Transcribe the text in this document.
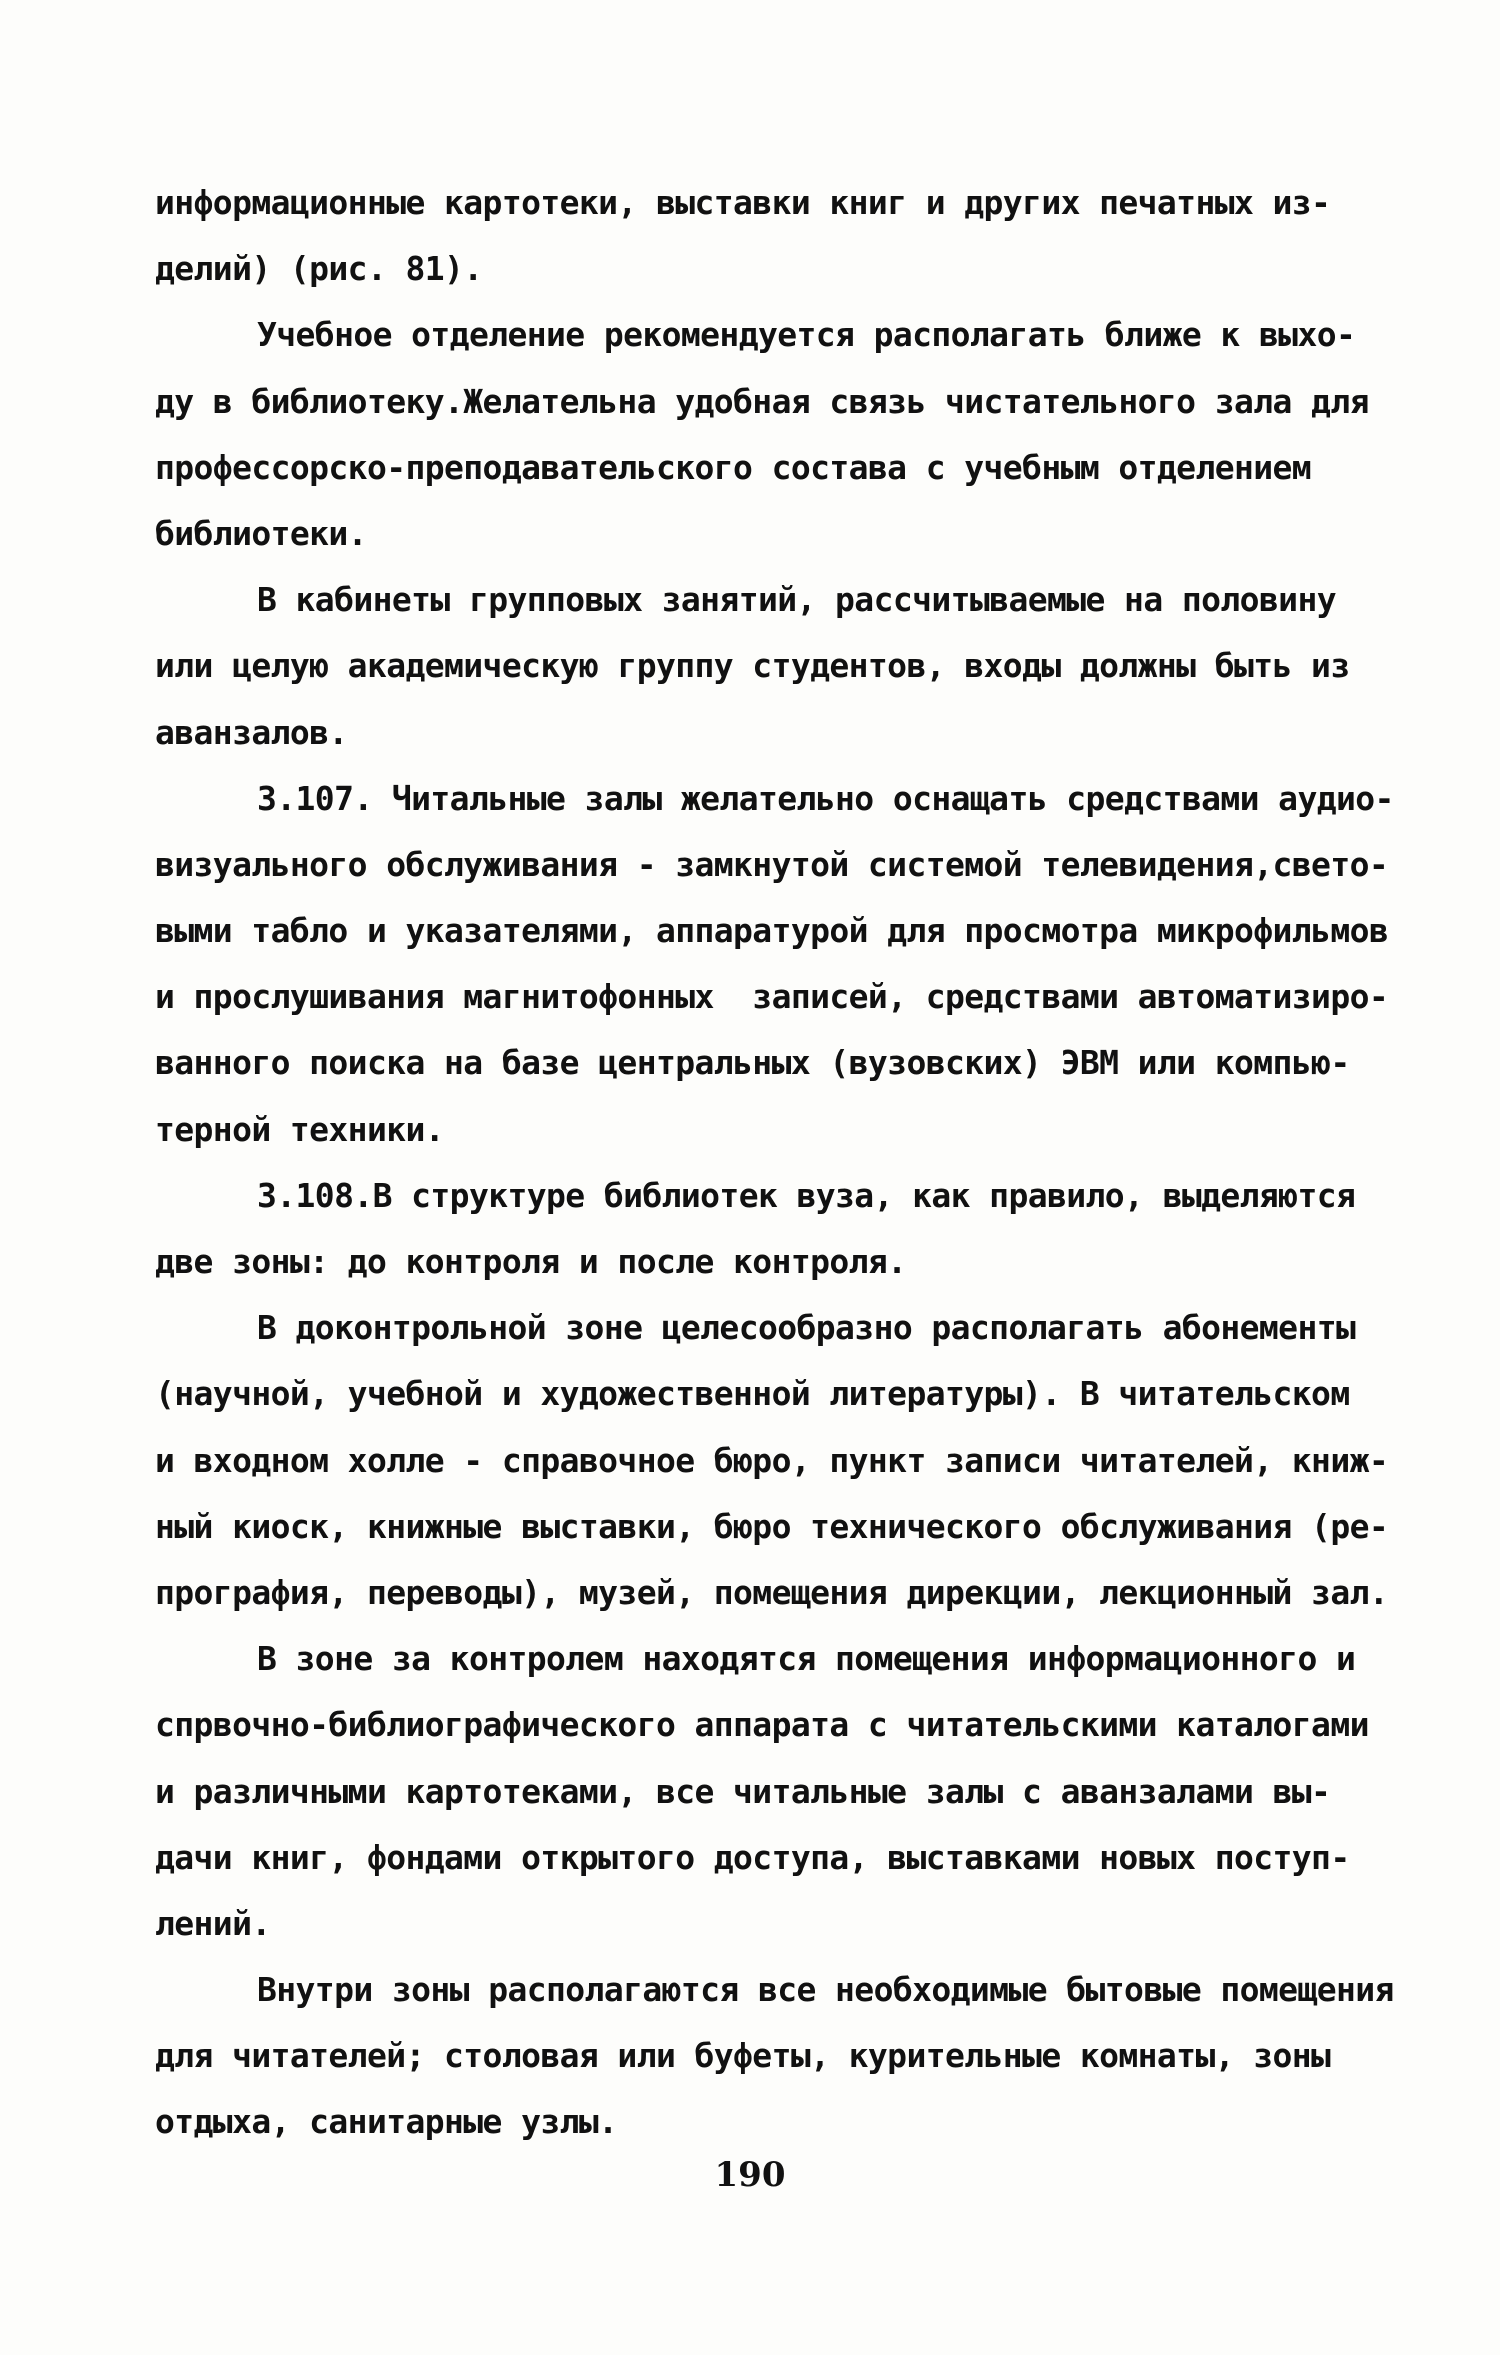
информационные картотеки, выставки книг и других печатных из-
делий) (рис. 81).
Учебное отделение рекомендуется располагать ближе к выхо-
ду в библиотеку.Желательна удобная связь чистательного зала для
профессорско-преподавательского состава с учебным отделением
библиотеки.
В кабинеты групповых занятий, рассчитываемые на половину
или целую академическую группу студентов, входы должны быть из
аванзалов.
3.107. Читальные залы желательно оснащать средствами аудио-
визуального обслуживания - замкнутой системой телевидения,свето-
выми табло и указателями, аппаратурой для просмотра микрофильмов
и прослушивания магнитофонных  записей, средствами автоматизиро-
ванного поиска на базе центральных (вузовских) ЭВМ или компью-
терной техники.
3.108.В структуре библиотек вуза, как правило, выделяются
две зоны: до контроля и после контроля.
В доконтрольной зоне целесообразно располагать абонементы
(научной, учебной и художественной литературы). В читательском
и входном холле - справочное бюро, пункт записи читателей, книж-
ный киоск, книжные выставки, бюро технического обслуживания (ре-
прография, переводы), музей, помещения дирекции, лекционный зал.
В зоне за контролем находятся помещения информационного и
спрвочно-библиографического аппарата с читательскими каталогами
и различными картотеками, все читальные залы с аванзалами вы-
дачи книг, фондами открытого доступа, выставками новых поступ-
лений.
Внутри зоны располагаются все необходимые бытовые помещения
для читателей; столовая или буфеты, курительные комнаты, зоны
отдыха, санитарные узлы.
190
